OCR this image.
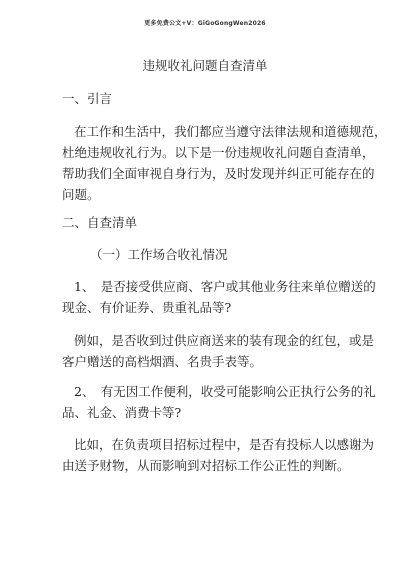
更多免费公文+V：GiGoGongWen2026
违规收礼问题自查清单
一、引言
在工作和生活中，我们都应当遵守法律法规和道德规范，
杜绝违规收礼行为。以下是一份违规收礼问题自查清单，
帮助我们全面审视自身行为，及时发现并纠正可能存在的
问题。
二、自查清单
（一）工作场合收礼情况
1、　是否接受供应商、客户或其他业务往来单位赠送的
现金、有价证券、贵重礼品等?
例如，是否收到过供应商送来的装有现金的红包，或是
客户赠送的高档烟酒、名贵手表等。
2、　有无因工作便利，收受可能影响公正执行公务的礼
品、礼金、消费卡等?
比如，在负责项目招标过程中，是否有投标人以感谢为
由送予财物，从而影响到对招标工作公正性的判断。
